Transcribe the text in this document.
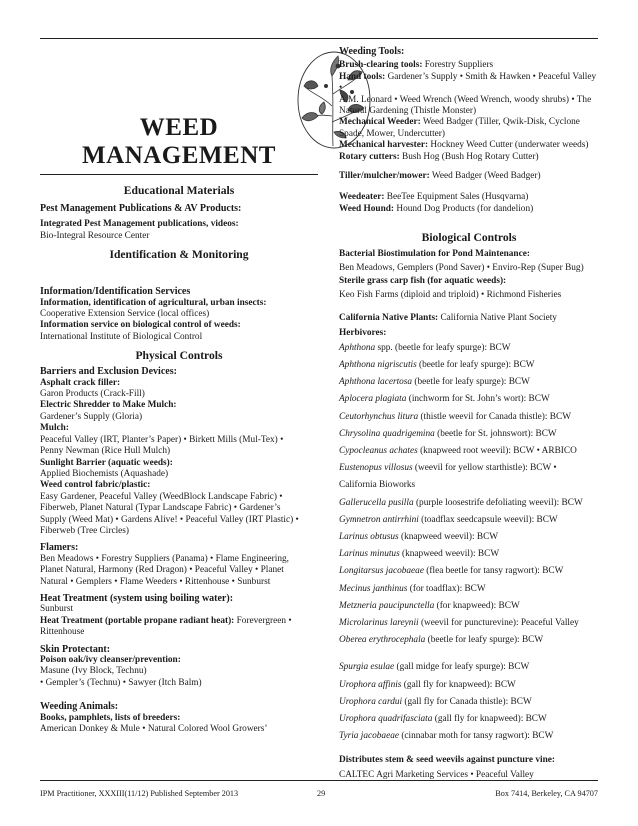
WEED
MANAGEMENT
Educational Materials
Pest Management Publications & AV Products:
Integrated Pest Management publications, videos:
Bio-Integral Resource Center
Identification & Monitoring
Information/Identification Services
Information, identification of agricultural, urban insects:
Cooperative Extension Service (local offices)
Information service on biological control of weeds:
International Institute of Biological Control
Physical Controls
Barriers and Exclusion Devices:
Asphalt crack filler:
Garon Products (Crack-Fill)
Electric Shredder to Make Mulch:
Gardener’s Supply (Gloria)
Mulch:
Peaceful Valley (IRT, Planter’s Paper) • Birkett Mills (Mul-Tex) •
Penny Newman (Rice Hull Mulch)
Sunlight Barrier (aquatic weeds):
Applied Biochemists (Aquashade)
Weed control fabric/plastic:
Easy Gardener, Peaceful Valley (WeedBlock Landscape Fabric) •
Fiberweb, Planet Natural (Typar Landscape Fabric) • Gardener’s
Supply (Weed Mat) • Gardens Alive! • Peaceful Valley (IRT Plastic) •
Fiberweb (Tree Circles)
Flamers:
Ben Meadows • Forestry Suppliers (Panama) • Flame Engineering,
Planet Natural, Harmony (Red Dragon) • Peaceful Valley • Planet
Natural • Gemplers • Flame Weeders • Rittenhouse • Sunburst
Heat Treatment (system using boiling water):
Sunburst
Heat Treatment (portable propane radiant heat): Forevergreen •
Rittenhouse
Skin Protectant:
Poison oak/ivy cleanser/prevention:
Masune (Ivy Block, Technu)
• Gempler’s (Technu) • Sawyer (Itch Balm)
Weeding Animals:
Books, pamphlets, lists of breeders:
American Donkey & Mule • Natural Colored Wool Growers’
Weeding Tools:
Brush-clearing tools: Forestry Suppliers
Hand tools: Gardener’s Supply • Smith & Hawken • Peaceful Valley •
A.M. Leonard • Weed Wrench (Weed Wrench, woody shrubs) • The
Natural Gardening (Thistle Monster)
Mechanical Weeder: Weed Badger (Tiller, Qwik-Disk, Cyclone
Spade, Mower, Undercutter)
Mechanical harvester: Hockney Weed Cutter (underwater weeds)
Rotary cutters: Bush Hog (Bush Hog Rotary Cutter)
Tiller/mulcher/mower: Weed Badger (Weed Badger)
Weedeater: BeeTee Equipment Sales (Husqvarna)
Weed Hound: Hound Dog Products (for dandelion)
Biological Controls
Bacterial Biostimulation for Pond Maintenance:
Ben Meadows, Gemplers (Pond Saver) • Enviro-Rep (Super Bug)
Sterile grass carp fish (for aquatic weeds):
Keo Fish Farms (diploid and triploid) • Richmond Fisheries
California Native Plants: California Native Plant Society
Herbivores:
Aphthona spp. (beetle for leafy spurge): BCW
Aphthona nigriscutis (beetle for leafy spurge): BCW
Aphthona lacertosa (beetle for leafy spurge): BCW
Aplocera plagiata (inchworm for St. John’s wort): BCW
Ceutorhynchus litura (thistle weevil for Canada thistle): BCW
Chrysolina quadrigemina (beetle for St. johnswort): BCW
Cypocleanus achates (knapweed root weevil): BCW • ARBICO
Eustenopus villosus (weevil for yellow starthistle): BCW •
California Bioworks
Gallerucella pusilla (purple loosestrife defoliating weevil): BCW
Gymnetron antirrhini (toadflax seedcapsule weevil): BCW
Larinus obtusus (knapweed weevil): BCW
Larinus minutus (knapweed weevil): BCW
Longitarsus jacobaeae (flea beetle for tansy ragwort): BCW
Mecinus janthinus (for toadflax): BCW
Metzneria paucipunctella (for knapweed): BCW
Microlarinus lareynii (weevil for puncturevine): Peaceful Valley
Oberea erythrocephala (beetle for leafy spurge): BCW
Spurgia esulae (gall midge for leafy spurge): BCW
Urophora affinis (gall fly for knapweed): BCW
Urophora cardui (gall fly for Canada thistle): BCW
Urophora quadrifasciata (gall fly for knapweed): BCW
Tyria jacobaeae (cinnabar moth for tansy ragwort): BCW
Distributes stem & seed weevils against puncture vine:
CALTEC Agri Marketing Services • Peaceful Valley
IPM Practitioner, XXXIII(11/12) Published September 2013	29	Box 7414, Berkeley, CA 94707
